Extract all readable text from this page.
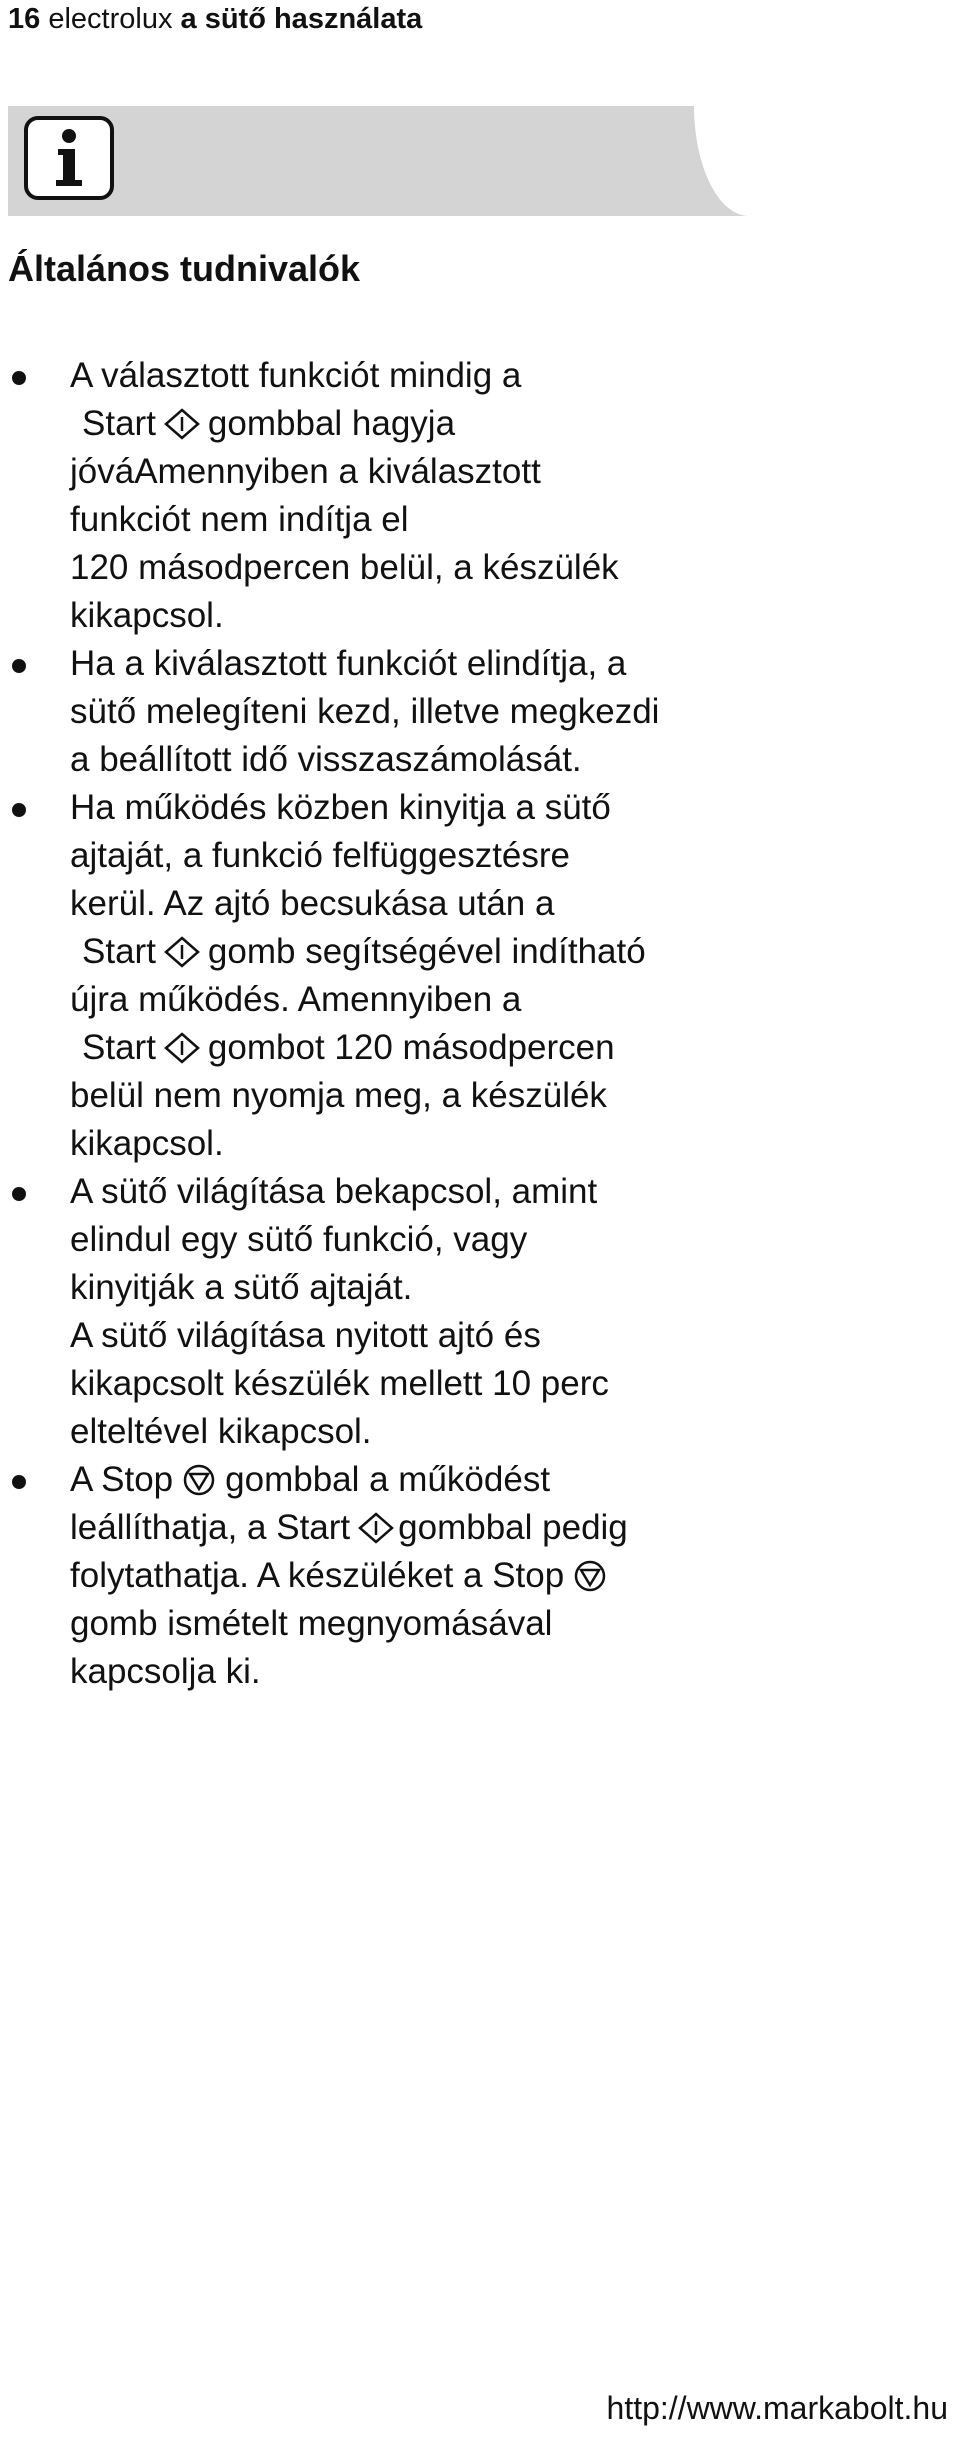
16 electrolux a sütő használata
Általános tudnivalók
A választott funkciót mindig a
Start gombbal hagyja
jóváAmennyiben a kiválasztott
funkciót nem indítja el
120 másodpercen belül, a készülék
kikapcsol.
Ha a kiválasztott funkciót elindítja, a
sütő melegíteni kezd, illetve megkezdi
a beállított idő visszaszámolását.
Ha működés közben kinyitja a sütő
ajtaját, a funkció felfüggesztésre
kerül. Az ajtó becsukása után a
Start gomb segítségével indítható
újra működés. Amennyiben a
Start gombot 120 másodpercen
belül nem nyomja meg, a készülék
kikapcsol.
A sütő világítása bekapcsol, amint
elindul egy sütő funkció, vagy
kinyitják a sütő ajtaját.
A sütő világítása nyitott ajtó és
kikapcsolt készülék mellett 10 perc
elteltével kikapcsol.
A Stop gombbal a működést
leállíthatja, a Start gombbal pedig
folytathatja. A készüléket a Stop
gomb ismételt megnyomásával
kapcsolja ki.
http://www.markabolt.hu
